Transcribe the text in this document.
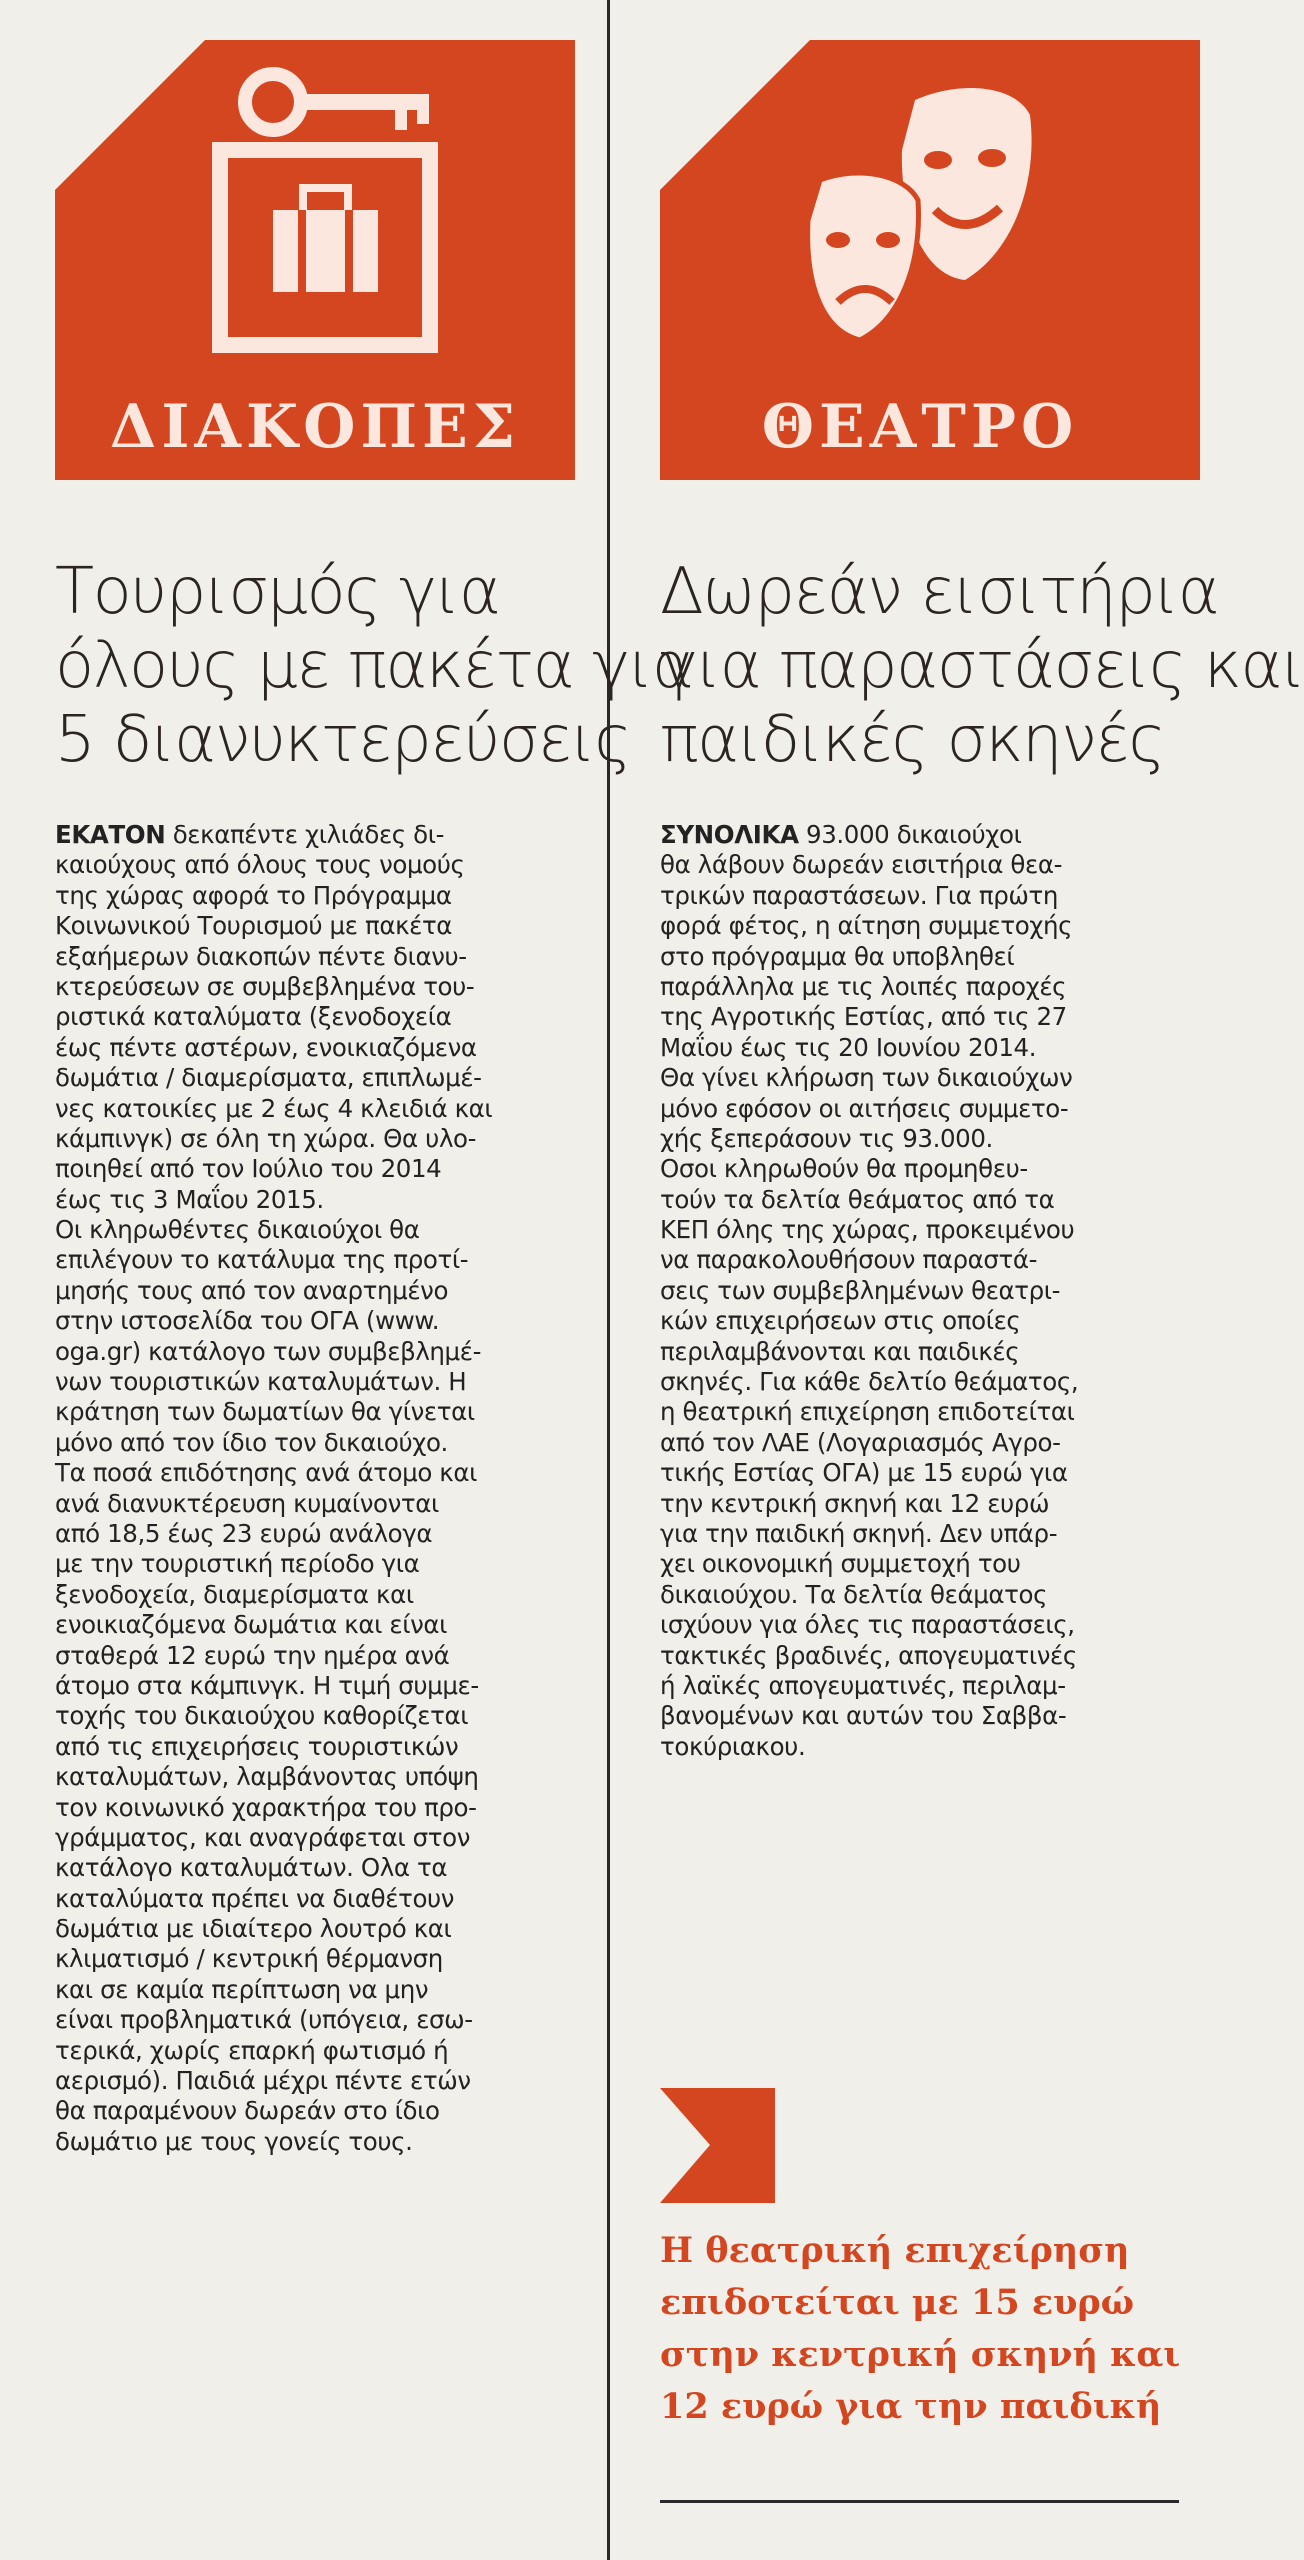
ΔΙΑΚΟΠΕΣ	ΘΕΑΤΡΟ
Τουρισμός για
όλους με πακέτα για
5 διανυκτερεύσεις
Δωρεάν εισιτήρια
για παραστάσεις και
παιδικές σκηνές
ΕΚΑΤΟΝ δεκαπέντε χιλιάδες δι-
καιούχους από όλους τους νομούς
της χώρας αφορά το Πρόγραμμα
Κοινωνικού Τουρισμού με πακέτα
εξαήμερων διακοπών πέντε διανυ-
κτερεύσεων σε συμβεβλημένα του-
ριστικά καταλύματα (ξενοδοχεία
έως πέντε αστέρων, ενοικιαζόμενα
δωμάτια / διαμερίσματα, επιπλωμέ-
νες κατοικίες με 2 έως 4 κλειδιά και
κάμπινγκ) σε όλη τη χώρα. Θα υλο-
ποιηθεί από τον Ιούλιο του 2014
έως τις 3 Μαΐου 2015.
Οι κληρωθέντες δικαιούχοι θα
επιλέγουν το κατάλυμα της προτί-
μησής τους από τον αναρτημένο
στην ιστοσελίδα του ΟΓΑ (www.
oga.gr) κατάλογο των συμβεβλημέ-
νων τουριστικών καταλυμάτων. Η
κράτηση των δωματίων θα γίνεται
μόνο από τον ίδιο τον δικαιούχο.
Τα ποσά επιδότησης ανά άτομο και
ανά διανυκτέρευση κυμαίνονται
από 18,5 έως 23 ευρώ ανάλογα
με την τουριστική περίοδο για
ξενοδοχεία, διαμερίσματα και
ενοικιαζόμενα δωμάτια και είναι
σταθερά 12 ευρώ την ημέρα ανά
άτομο στα κάμπινγκ. Η τιμή συμμε-
τοχής του δικαιούχου καθορίζεται
από τις επιχειρήσεις τουριστικών
καταλυμάτων, λαμβάνοντας υπόψη
τον κοινωνικό χαρακτήρα του προ-
γράμματος, και αναγράφεται στον
κατάλογο καταλυμάτων. Ολα τα
καταλύματα πρέπει να διαθέτουν
δωμάτια με ιδιαίτερο λουτρό και
κλιματισμό / κεντρική θέρμανση
και σε καμία περίπτωση να μην
είναι προβληματικά (υπόγεια, εσω-
τερικά, χωρίς επαρκή φωτισμό ή
αερισμό). Παιδιά μέχρι πέντε ετών
θα παραμένουν δωρεάν στο ίδιο
δωμάτιο με τους γονείς τους.
ΣΥΝΟΛΙΚΑ 93.000 δικαιούχοι
θα λάβουν δωρεάν εισιτήρια θεα-
τρικών παραστάσεων. Για πρώτη
φορά φέτος, η αίτηση συμμετοχής
στο πρόγραμμα θα υποβληθεί
παράλληλα με τις λοιπές παροχές
της Αγροτικής Εστίας, από τις 27
Μαΐου έως τις 20 Ιουνίου 2014.
Θα γίνει κλήρωση των δικαιούχων
μόνο εφόσον οι αιτήσεις συμμετο-
χής ξεπεράσουν τις 93.000.
Οσοι κληρωθούν θα προμηθευ-
τούν τα δελτία θεάματος από τα
ΚΕΠ όλης της χώρας, προκειμένου
να παρακολουθήσουν παραστά-
σεις των συμβεβλημένων θεατρι-
κών επιχειρήσεων στις οποίες
περιλαμβάνονται και παιδικές
σκηνές. Για κάθε δελτίο θεάματος,
η θεατρική επιχείρηση επιδοτείται
από τον ΛΑΕ (Λογαριασμός Αγρο-
τικής Εστίας ΟΓΑ) με 15 ευρώ για
την κεντρική σκηνή και 12 ευρώ
για την παιδική σκηνή. Δεν υπάρ-
χει οικονομική συμμετοχή του
δικαιούχου. Τα δελτία θεάματος
ισχύουν για όλες τις παραστάσεις,
τακτικές βραδινές, απογευματινές
ή λαϊκές απογευματινές, περιλαμ-
βανομένων και αυτών του Σαββα-
τοκύριακου.
Η θεατρική επιχείρηση
επιδοτείται με 15 ευρώ
στην κεντρική σκηνή και
12 ευρώ για την παιδική
